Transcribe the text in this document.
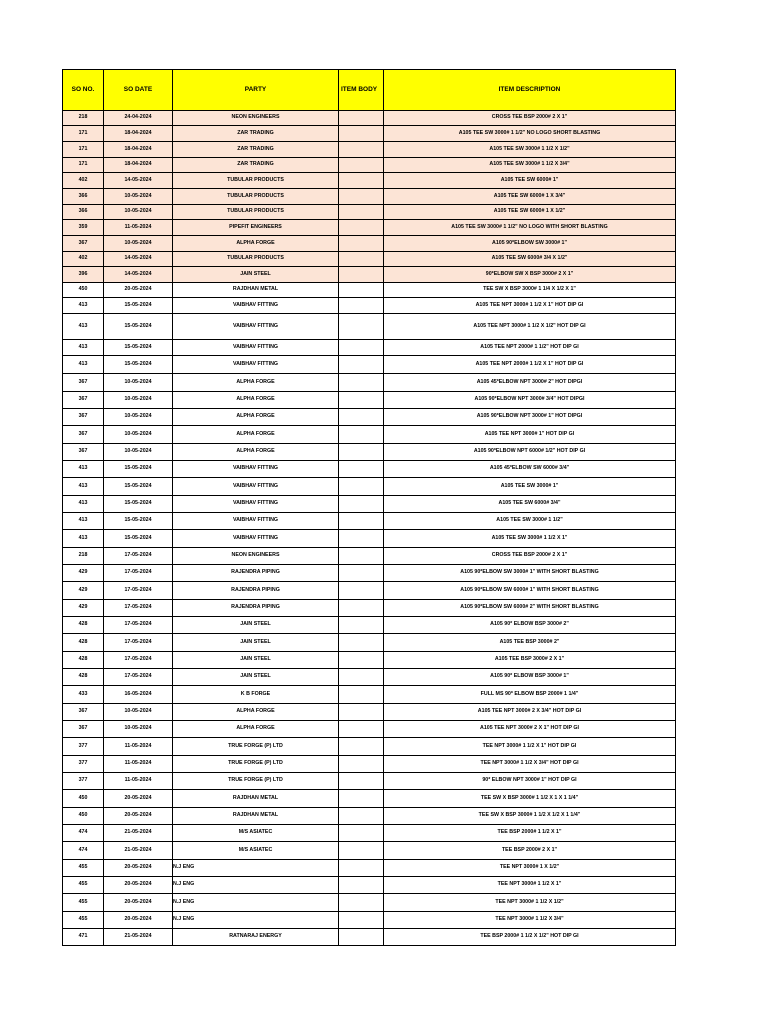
SO NO.	SO DATE	PARTY	ITEM BODY	ITEM DESCRIPTION
218	24-04-2024	NEON ENGINEERS		CROSS TEE BSP 2000# 2 X 1"
171	18-04-2024	ZAR TRADING		A105 TEE SW 3000# 1 1/2" NO LOGO SHORT BLASTING
171	18-04-2024	ZAR TRADING		A105 TEE SW 3000# 1 1/2 X 1/2"
171	18-04-2024	ZAR TRADING		A105 TEE SW 3000# 1 1/2 X 3/4"
402	14-05-2024	TUBULAR PRODUCTS		A105 TEE SW 6000# 1"
366	10-05-2024	TUBULAR PRODUCTS		A105 TEE SW 6000# 1 X 3/4"
366	10-05-2024	TUBULAR PRODUCTS		A105 TEE SW 6000# 1 X 1/2"
359	11-05-2024	PIPEFIT ENGINEERS		A105 TEE SW 3000# 1 1/2" NO LOGO WITH SHORT BLASTING
367	10-05-2024	ALPHA FORGE		A105 90*ELBOW SW 3000# 1"
402	14-05-2024	TUBULAR PRODUCTS		A105 TEE SW 6000# 3/4 X 1/2"
396	14-05-2024	JAIN STEEL		90*ELBOW SW X BSP 3000# 2 X 1"
450	20-05-2024	RAJDHAN METAL		TEE SW X BSP 3000# 1 1/4 X 1/2 X 1"
413	15-05-2024	VAIBHAV FITTING		A105 TEE NPT 3000# 1 1/2 X 1" HOT DIP GI
413	15-05-2024	VAIBHAV FITTING		A105 TEE NPT 3000# 1 1/2 X 1/2" HOT DIP GI
413	15-05-2024	VAIBHAV FITTING		A105 TEE NPT 2000# 1 1/2" HOT DIP GI
413	15-05-2024	VAIBHAV FITTING		A105 TEE NPT 2000# 1 1/2 X 1" HOT DIP GI
367	10-05-2024	ALPHA FORGE		A105 45*ELBOW NPT 3000# 2" HOT DIPGI
367	10-05-2024	ALPHA FORGE		A105 90*ELBOW NPT 3000# 3/4" HOT DIPGI
367	10-05-2024	ALPHA FORGE		A105 90*ELBOW NPT 3000# 1" HOT DIPGI
367	10-05-2024	ALPHA FORGE		A105 TEE NPT 3000# 1" HOT DIP GI
367	10-05-2024	ALPHA FORGE		A105 90*ELBOW NPT 6000# 1/2" HOT DIP GI
413	15-05-2024	VAIBHAV FITTING		A105 45*ELBOW SW 6000# 3/4"
413	15-05-2024	VAIBHAV FITTING		A105 TEE SW 3000# 1"
413	15-05-2024	VAIBHAV FITTING		A105 TEE SW 6000# 3/4"
413	15-05-2024	VAIBHAV FITTING		A105 TEE SW 3000# 1 1/2"
413	15-05-2024	VAIBHAV FITTING		A105 TEE SW 3000# 1 1/2 X 1"
218	17-05-2024	NEON ENGINEERS		CROSS TEE BSP 2000# 2 X 1"
429	17-05-2024	RAJENDRA PIPING		A105 90*ELBOW SW 3000# 1" WITH SHORT BLASTING
429	17-05-2024	RAJENDRA PIPING		A105 90*ELBOW SW 6000# 1" WITH SHORT BLASTING
429	17-05-2024	RAJENDRA PIPING		A105 90*ELBOW SW 6000# 2" WITH SHORT BLASTING
428	17-05-2024	JAIN STEEL		A105 90* ELBOW BSP 3000# 2"
428	17-05-2024	JAIN STEEL		A105 TEE BSP 3000# 2"
428	17-05-2024	JAIN STEEL		A105 TEE BSP 3000# 2 X 1"
428	17-05-2024	JAIN STEEL		A105 90* ELBOW BSP 3000# 1"
433	16-05-2024	K B FORGE		FULL MS 90* ELBOW BSP 2000# 1 1/4"
367	10-05-2024	ALPHA FORGE		A105 TEE NPT 3000# 2 X 3/4" HOT DIP GI
367	10-05-2024	ALPHA FORGE		A105 TEE NPT 3000# 2 X 1" HOT DIP GI
377	11-05-2024	TRUE FORGE (P) LTD		TEE NPT 3000# 1 1/2 X 1" HOT DIP GI
377	11-05-2024	TRUE FORGE (P) LTD		TEE NPT 3000# 1 1/2 X 3/4" HOT DIP GI
377	11-05-2024	TRUE FORGE (P) LTD		90* ELBOW NPT 3000# 1" HOT DIP GI
450	20-05-2024	RAJDHAN METAL		TEE SW X BSP 3000# 1 1/2 X 1 X 1 1/4"
450	20-05-2024	RAJDHAN METAL		TEE SW X BSP 3000# 1 1/2 X 1/2 X 1 1/4"
474	21-05-2024	M/S ASIATEC		TEE BSP 2000# 1 1/2 X 1"
474	21-05-2024	M/S ASIATEC		TEE BSP 2000# 2 X 1"
455	20-05-2024	N.J ENG		TEE NPT 3000# 1 X 1/2"
455	20-05-2024	N.J ENG		TEE NPT 3000# 1 1/2 X 1"
455	20-05-2024	N.J ENG		TEE NPT 3000# 1 1/2 X 1/2"
455	20-05-2024	N.J ENG		TEE NPT 3000# 1 1/2 X 3/4"
471	21-05-2024	RATNARAJ ENERGY		TEE BSP 2000# 1 1/2 X 1/2" HOT DIP GI
